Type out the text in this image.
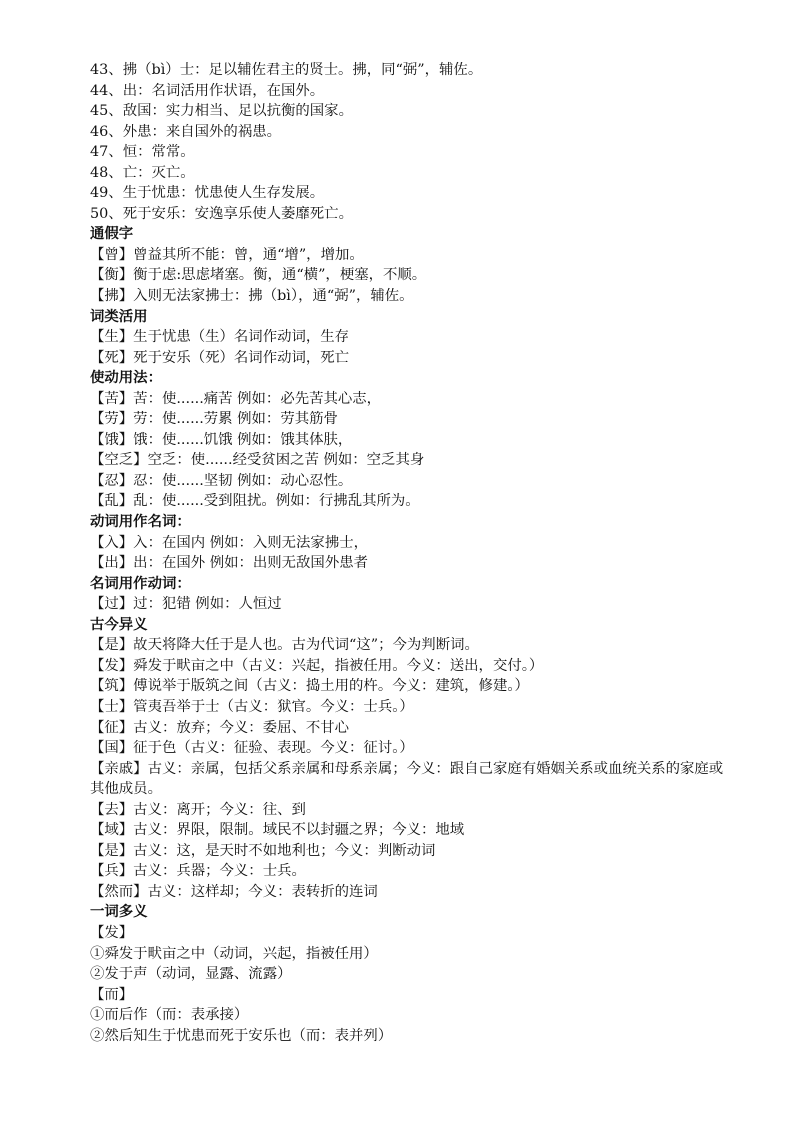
43、拂（bì）士：足以辅佐君主的贤士。拂，同“弼”，辅佐。
44、出：名词活用作状语，在国外。
45、敌国：实力相当、足以抗衡的国家。
46、外患：来自国外的祸患。
47、恒：常常。
48、亡：灭亡。
49、生于忧患：忧患使人生存发展。
50、死于安乐：安逸享乐使人萎靡死亡。
通假字
【曾】曾益其所不能：曾，通“增”，增加。
【衡】衡于虑:思虑堵塞。衡，通“横”，梗塞，不顺。
【拂】入则无法家拂士：拂（bì），通“弼”，辅佐。
词类活用
【生】生于忧患（生）名词作动词，生存
【死】死于安乐（死）名词作动词，死亡
使动用法：
【苦】苦：使......痛苦 例如：必先苦其心志，
【劳】劳：使......劳累 例如：劳其筋骨
【饿】饿：使......饥饿 例如：饿其体肤，
【空乏】空乏：使......经受贫困之苦 例如：空乏其身
【忍】忍：使......坚韧 例如：动心忍性。
【乱】乱：使......受到阻扰。例如：行拂乱其所为。
动词用作名词：
【入】入：在国内 例如：入则无法家拂士，
【出】出：在国外 例如：出则无敌国外患者
名词用作动词：
【过】过：犯错 例如：人恒过
古今异义
【是】故天将降大任于是人也。古为代词“这”；今为判断词。
【发】舜发于畎亩之中（古义：兴起，指被任用。今义：送出，交付。）
【筑】傅说举于版筑之间（古义：捣土用的杵。今义：建筑，修建。）
【士】管夷吾举于士（古义：狱官。今义：士兵。）
【征】古义：放弃；今义：委屈、不甘心
【国】征于色（古义：征验、表现。今义：征讨。）
【亲戚】古义：亲属，包括父系亲属和母系亲属；今义：跟自己家庭有婚姻关系或血统关系的家庭或其他成员。
【去】古义：离开；今义：往、到
【域】古义：界限，限制。域民不以封疆之界；今义：地域
【是】古义：这，是天时不如地利也；今义：判断动词
【兵】古义：兵器；今义：士兵。
【然而】古义：这样却；今义：表转折的连词
一词多义
【发】
①舜发于畎亩之中（动词，兴起，指被任用）
②发于声（动词，显露、流露）
【而】
①而后作（而：表承接）
②然后知生于忧患而死于安乐也（而：表并列）
